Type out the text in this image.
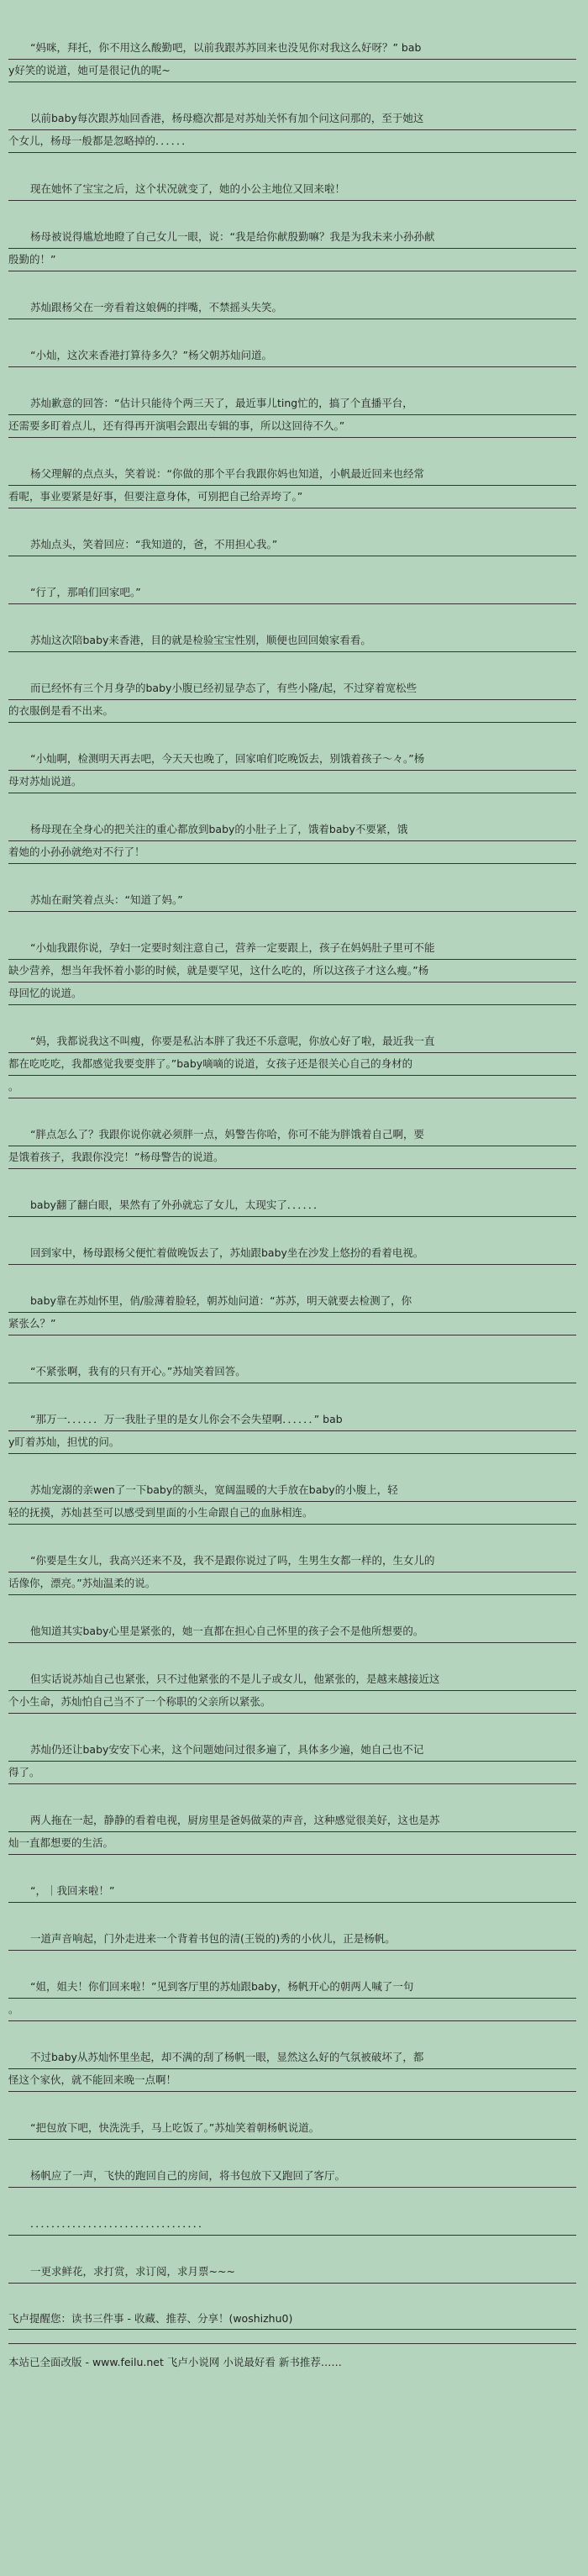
“妈咪，拜托，你不用这么酸勤吧，以前我跟苏苏回来也没见你对我这么好呀？” bab
y好笑的说道，她可是很记仇的呢~
以前baby每次跟苏灿回香港，杨母瘾次都是对苏灿关怀有加个问这问那的，至于她这
个女儿，杨母一般都是忽略掉的．．．．．．
现在她怀了宝宝之后，这个状况就变了，她的小公主地位又回来啦！
杨母被说得尴尬地瞪了自己女儿一眼，说：“我是给你献殷勤嘛？我是为我未来小孙孙献
殷勤的！”
苏灿跟杨父在一旁看着这娘俩的拌嘴，不禁摇头失笑。
“小灿，这次来香港打算待多久？”杨父朝苏灿问道。
苏灿歉意的回答：“估计只能待个两三天了，最近事儿ting忙的，搞了个直播平台，
还需要多盯着点儿，还有得再开演唱会跟出专辑的事，所以这回待不久。”
杨父理解的点点头，笑着说：“你做的那个平台我跟你妈也知道，小帆最近回来也经常
看呢，事业要紧是好事，但要注意身体，可别把自己给弄垮了。”
苏灿点头，笑着回应：“我知道的，爸，不用担心我。”
“行了，那咱们回家吧。”
苏灿这次陪baby来香港，目的就是检验宝宝性别，顺便也回回娘家看看。
而已经怀有三个月身孕的baby小腹已经初显孕态了，有些小隆/起，不过穿着宽松些
的衣服倒是看不出来。
“小灿啊，检测明天再去吧，今天天也晚了，回家咱们吃晚饭去，别饿着孩子～々。”杨
母对苏灿说道。
杨母现在全身心的把关注的重心都放到baby的小肚子上了，饿着baby不要紧，饿
着她的小孙孙就绝对不行了！
苏灿在耐笑着点头：“知道了妈。”
“小灿我跟你说，孕妇一定要时刻注意自己，营养一定要跟上，孩子在妈妈肚子里可不能
缺少营养，想当年我怀着小影的时候，就是要罕见，这什么吃的，所以这孩子才这么瘦。”杨
母回忆的说道。
“妈，我都说我这不叫瘦，你要是私沾本胖了我还不乐意呢，你放心好了啦，最近我一直
都在吃吃吃，我都感觉我要变胖了。”baby嘀嘀的说道，女孩子还是很关心自己的身材的
。
“胖点怎么了？我跟你说你就必须胖一点，妈警告你哈，你可不能为胖饿着自己啊，要
是饿着孩子，我跟你没完！”杨母警告的说道。
baby翻了翻白眼，果然有了外孙就忘了女儿，太现实了．．．．．．
回到家中，杨母跟杨父便忙着做晚饭去了，苏灿跟baby坐在沙发上悠扮的看着电视。
baby靠在苏灿怀里，俏/脸薄着脸轻，朝苏灿问道：“苏苏，明天就要去检测了，你
紧张么？”
“不紧张啊，我有的只有开心。”苏灿笑着回答。
“那万一．．．．．．万一我肚子里的是女儿你会不会失望啊．．．．．．” bab
y盯着苏灿，担忧的问。
苏灿宠溺的亲wen了一下baby的额头，宽阔温暖的大手放在baby的小腹上，轻
轻的抚摸，苏灿甚至可以感受到里面的小生命跟自己的血脉相连。
“你要是生女儿，我高兴还来不及，我不是跟你说过了吗，生男生女都一样的，生女儿的
话像你，漂亮。”苏灿温柔的说。
他知道其实baby心里是紧张的，她一直都在担心自己怀里的孩子会不是他所想要的。
但实话说苏灿自己也紧张，只不过他紧张的不是儿子或女儿，他紧张的，是越来越接近这
个小生命，苏灿怕自己当不了一个称职的父亲所以紧张。
苏灿仍还让baby安安下心来，这个问题她问过很多遍了，具体多少遍，她自己也不记
得了。
两人拖在一起，静静的看着电视，厨房里是爸妈做菜的声音，这种感觉很美好，这也是苏
灿一直都想要的生活。
“，｜我回来啦！”
一道声音响起，门外走进来一个背着书包的清(王锐的)秀的小伙儿，正是杨帆。
“姐，姐夫！你们回来啦！”见到客厅里的苏灿跟baby，杨帆开心的朝两人喊了一句
。
不过baby从苏灿怀里坐起，却不满的刮了杨帆一眼，显然这么好的气氛被破坏了，都
怪这个家伙，就不能回来晚一点啊！
“把包放下吧，快洗洗手，马上吃饭了。”苏灿笑着朝杨帆说道。
杨帆应了一声，飞快的跑回自己的房间，将书包放下又跑回了客厅。
．．．．．．．．．．．．．．．．．．．．．．．．．．．．．．．．．
一更求鲜花，求打赏，求订阅，求月票~~~
飞卢提醒您：读书三件事 - 收藏、推荐、分享！(woshizhu0)
本站已全面改版 - www.feilu.net 飞卢小说网 小说最好看 新书推荐……
